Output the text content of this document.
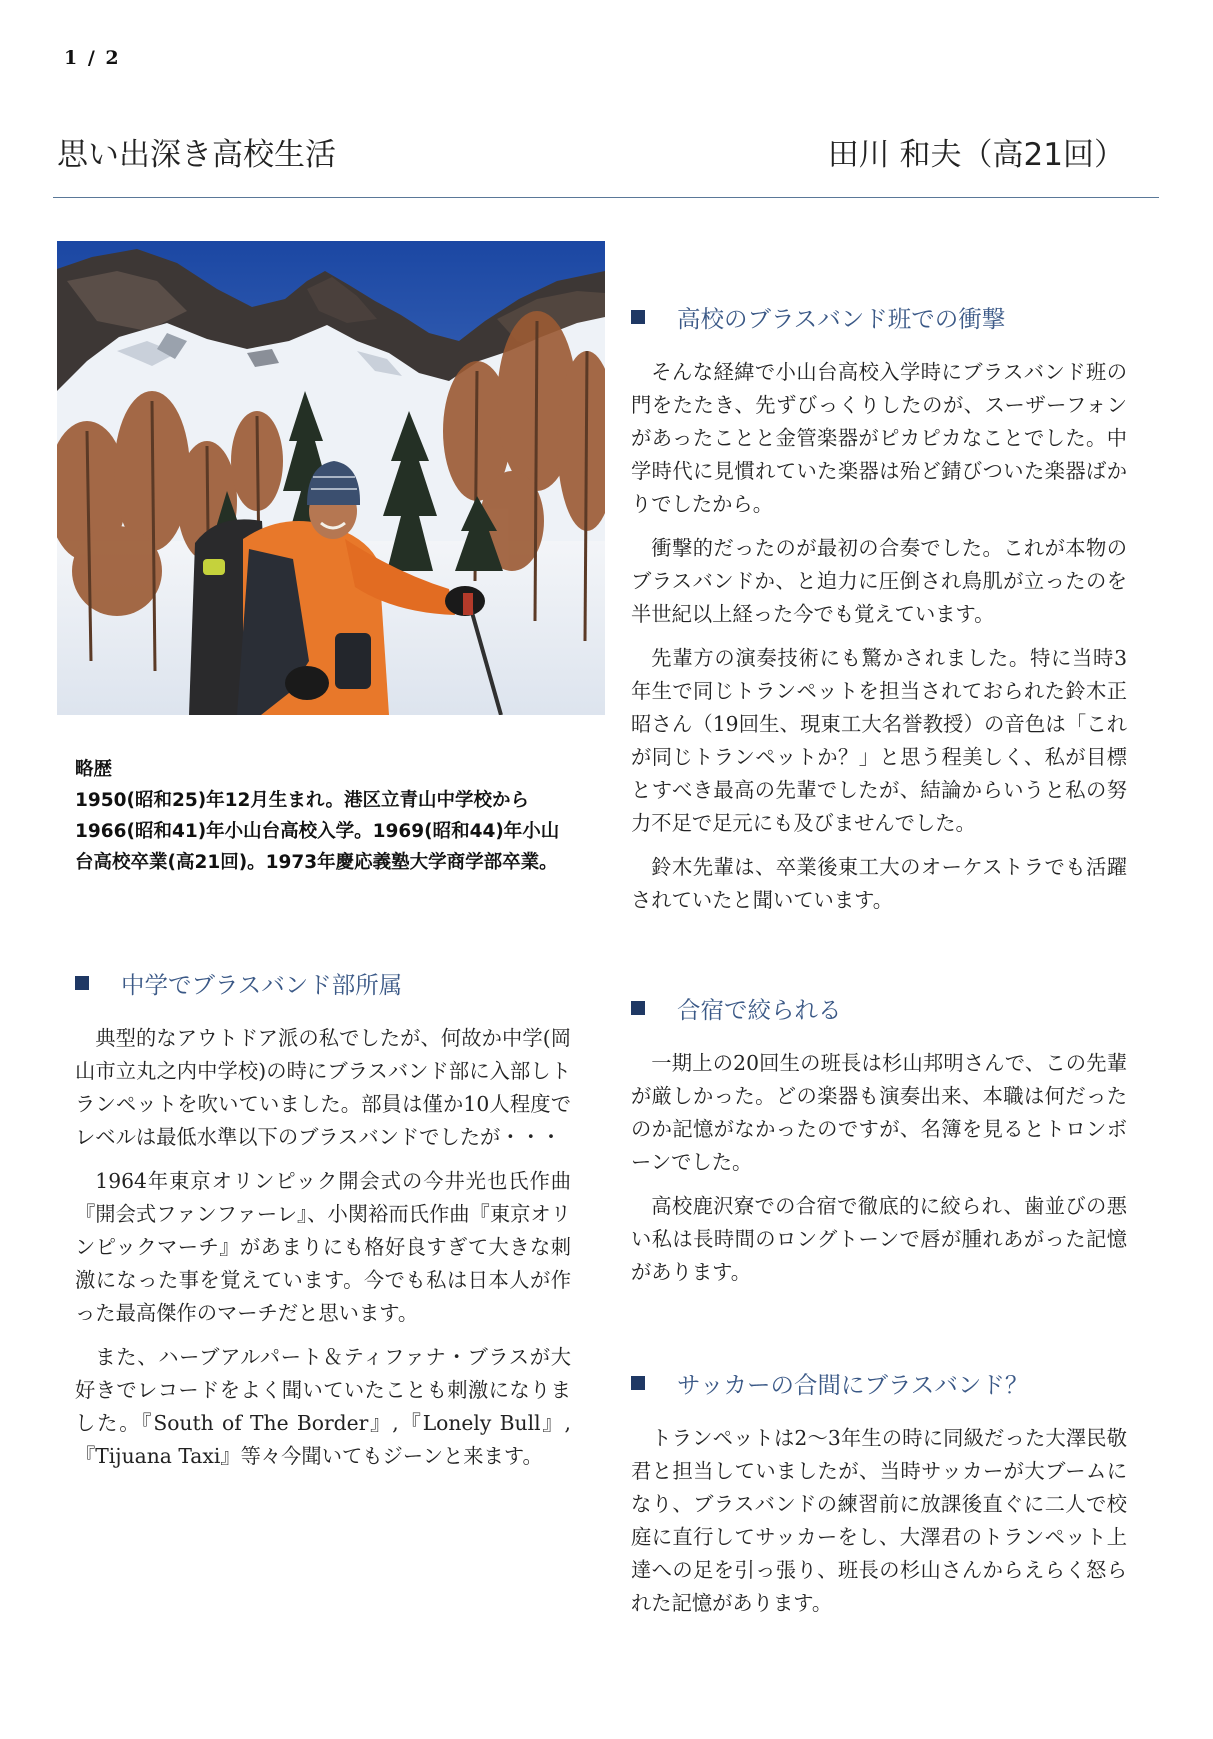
1 / 2
思い出深き高校生活	田川 和夫（高21回）

略歴

1950(昭和25)年12月生まれ。港区立青山中学校から1966(昭和41)年小山台高校入学。1969(昭和44)年小山台高校卒業(高21回)。1973年慶応義塾大学商学部卒業。

中学でブラスバンド部所属

典型的なアウトドア派の私でしたが、何故か中学(岡山市立丸之内中学校)の時にブラスバンド部に入部しトランペットを吹いていました。部員は僅か10人程度でレベルは最低水準以下のブラスバンドでしたが・・・

1964年東京オリンピック開会式の今井光也氏作曲『開会式ファンファーレ』、小関裕而氏作曲『東京オリンピックマーチ』があまりにも格好良すぎて大きな刺激になった事を覚えています。今でも私は日本人が作った最高傑作のマーチだと思います。

また、ハーブアルパート＆ティファナ・ブラスが大好きでレコードをよく聞いていたことも刺激になりました。『South of The Border』,『Lonely Bull』,『Tijuana Taxi』等々今聞いてもジーンと来ます。

高校のブラスバンド班での衝撃

そんな経緯で小山台高校入学時にブラスバンド班の門をたたき、先ずびっくりしたのが、スーザーフォンがあったことと金管楽器がピカピカなことでした。中学時代に見慣れていた楽器は殆ど錆びついた楽器ばかりでしたから。

衝撃的だったのが最初の合奏でした。これが本物のブラスバンドか、と迫力に圧倒され鳥肌が立ったのを半世紀以上経った今でも覚えています。

先輩方の演奏技術にも驚かされました。特に当時3年生で同じトランペットを担当されておられた鈴木正昭さん（19回生、現東工大名誉教授）の音色は「これが同じトランペットか？」と思う程美しく、私が目標とすべき最高の先輩でしたが、結論からいうと私の努力不足で足元にも及びませんでした。

鈴木先輩は、卒業後東工大のオーケストラでも活躍されていたと聞いています。

合宿で絞られる

一期上の20回生の班長は杉山邦明さんで、この先輩が厳しかった。どの楽器も演奏出来、本職は何だったのか記憶がなかったのですが、名簿を見るとトロンボーンでした。

高校鹿沢寮での合宿で徹底的に絞られ、歯並びの悪い私は長時間のロングトーンで唇が腫れあがった記憶があります。

サッカーの合間にブラスバンド？

トランペットは2〜3年生の時に同級だった大澤民敬君と担当していましたが、当時サッカーが大ブームになり、ブラスバンドの練習前に放課後直ぐに二人で校庭に直行してサッカーをし、大澤君のトランペット上達への足を引っ張り、班長の杉山さんからえらく怒られた記憶があります。
